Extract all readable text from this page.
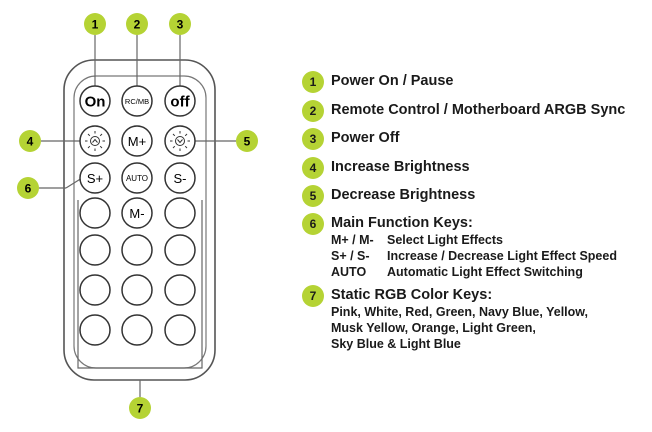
1	2	3
4	5
6
7
On	RC/MB off
M+
S+	AUTO S-
M-
1	Power On / Pause
2	Remote Control / Motherboard ARGB Sync
3	Power Off
4	Increase Brightness
5	Decrease Brightness
6	Main Function Keys:
M+ / M- Select Light Effects
S+ / S- Increase / Decrease Light Effect Speed
AUTO Automatic Light Effect Switching
7	Static RGB Color Keys:
Pink, White, Red, Green, Navy Blue, Yellow,
Musk Yellow, Orange, Light Green,
Sky Blue & Light Blue
